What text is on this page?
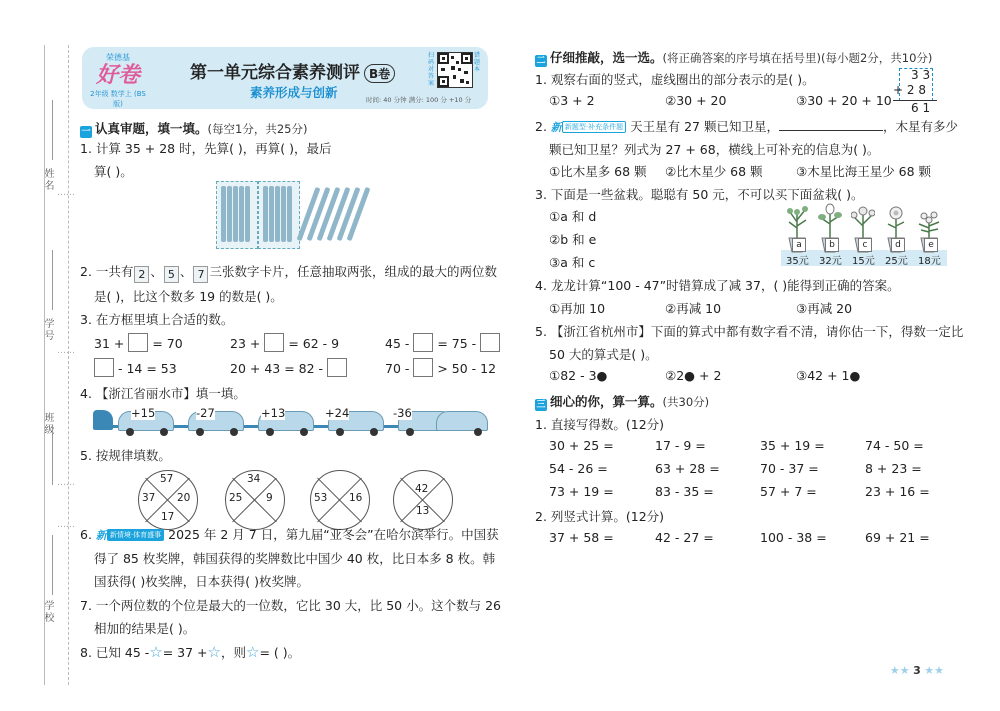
姓名
学号
班级
学校
……
……
……
……
荣德基
好卷
2年级 数学上 (BS版)
第一单元综合素养测评 B卷
素养形成与创新	时间: 40 分钟 满分: 100 分 +10 分
扫码对答案
错题本
一 认真审题，填一填。(每空1分，共25分)
1. 计算 35 + 28 时，先算( )，再算( )，最后
算( )。
2. 一共有 2 、 5 、 7 三张数字卡片，任意抽取两张，组成的最大的两位数
是( )，比这个数多 19 的数是( )。
3. 在方框里填上合适的数。
31 + = 70	23 + = 62 - 9	45 - = 75 -
- 14 = 53	20 + 43 = 82 -	70 - > 50 - 12
4. 【浙江省丽水市】填一填。
+15	-27	+13	+24	-36
5. 按规律填数。
57
37 20
17
34
25 9	53 16
42
13
6. 新 新情境·体育盛事 2025 年 2 月 7 日，第九届“亚冬会”在哈尔滨举行。中国获
得了 85 枚奖牌，韩国获得的奖牌数比中国少 40 枚，比日本多 8 枚。韩
国获得( )枚奖牌，日本获得( )枚奖牌。
7. 一个两位数的个位是最大的一位数，它比 30 大，比 50 小。这个数与 26
相加的结果是( )。
8. 已知 45 -☆= 37 +☆，则☆= ( )。
二 仔细推敲，选一选。(将正确答案的序号填在括号里)(每小题2分，共10分)
1. 观察右面的竖式，虚线圈出的部分表示的是( )。	3 3
+ 2 8
6 1
①3 + 2	②30 + 20	③30 + 20 + 10
2. 新 新题型·补充条件题 天王星有 27 颗已知卫星，	，木星有多少
颗已知卫星？列式为 27 + 68，横线上可补充的信息为( )。
①比木星多 68 颗 ②比木星少 68 颗	③木星比海王星少 68 颗
3. 下面是一些盆栽。聪聪有 50 元，不可以买下面盆栽( )。
①a 和 d
②b 和 e
③a 和 c
a	b	c	d	e
35元 32元 15元 25元 18元
4. 龙龙计算“100 - 47”时错算成了减 37，( )能得到正确的答案。
①再加 10	②再减 10	③再减 20
5. 【浙江省杭州市】下面的算式中都有数字看不清，请你估一下，得数一定比
50 大的算式是( )。
①82 - 3●	②2● + 2	③42 + 1●
三 细心的你，算一算。(共30分)
1. 直接写得数。(12分)
30 + 25 =	17 - 9 =	35 + 19 =	74 - 50 =
54 - 26 =	63 + 28 =	70 - 37 =	8 + 23 =
73 + 19 =	83 - 35 =	57 + 7 =	23 + 16 =
2. 列竖式计算。(12分)
37 + 58 =	42 - 27 =	100 - 38 =	69 + 21 =
★★ 3 ★★
